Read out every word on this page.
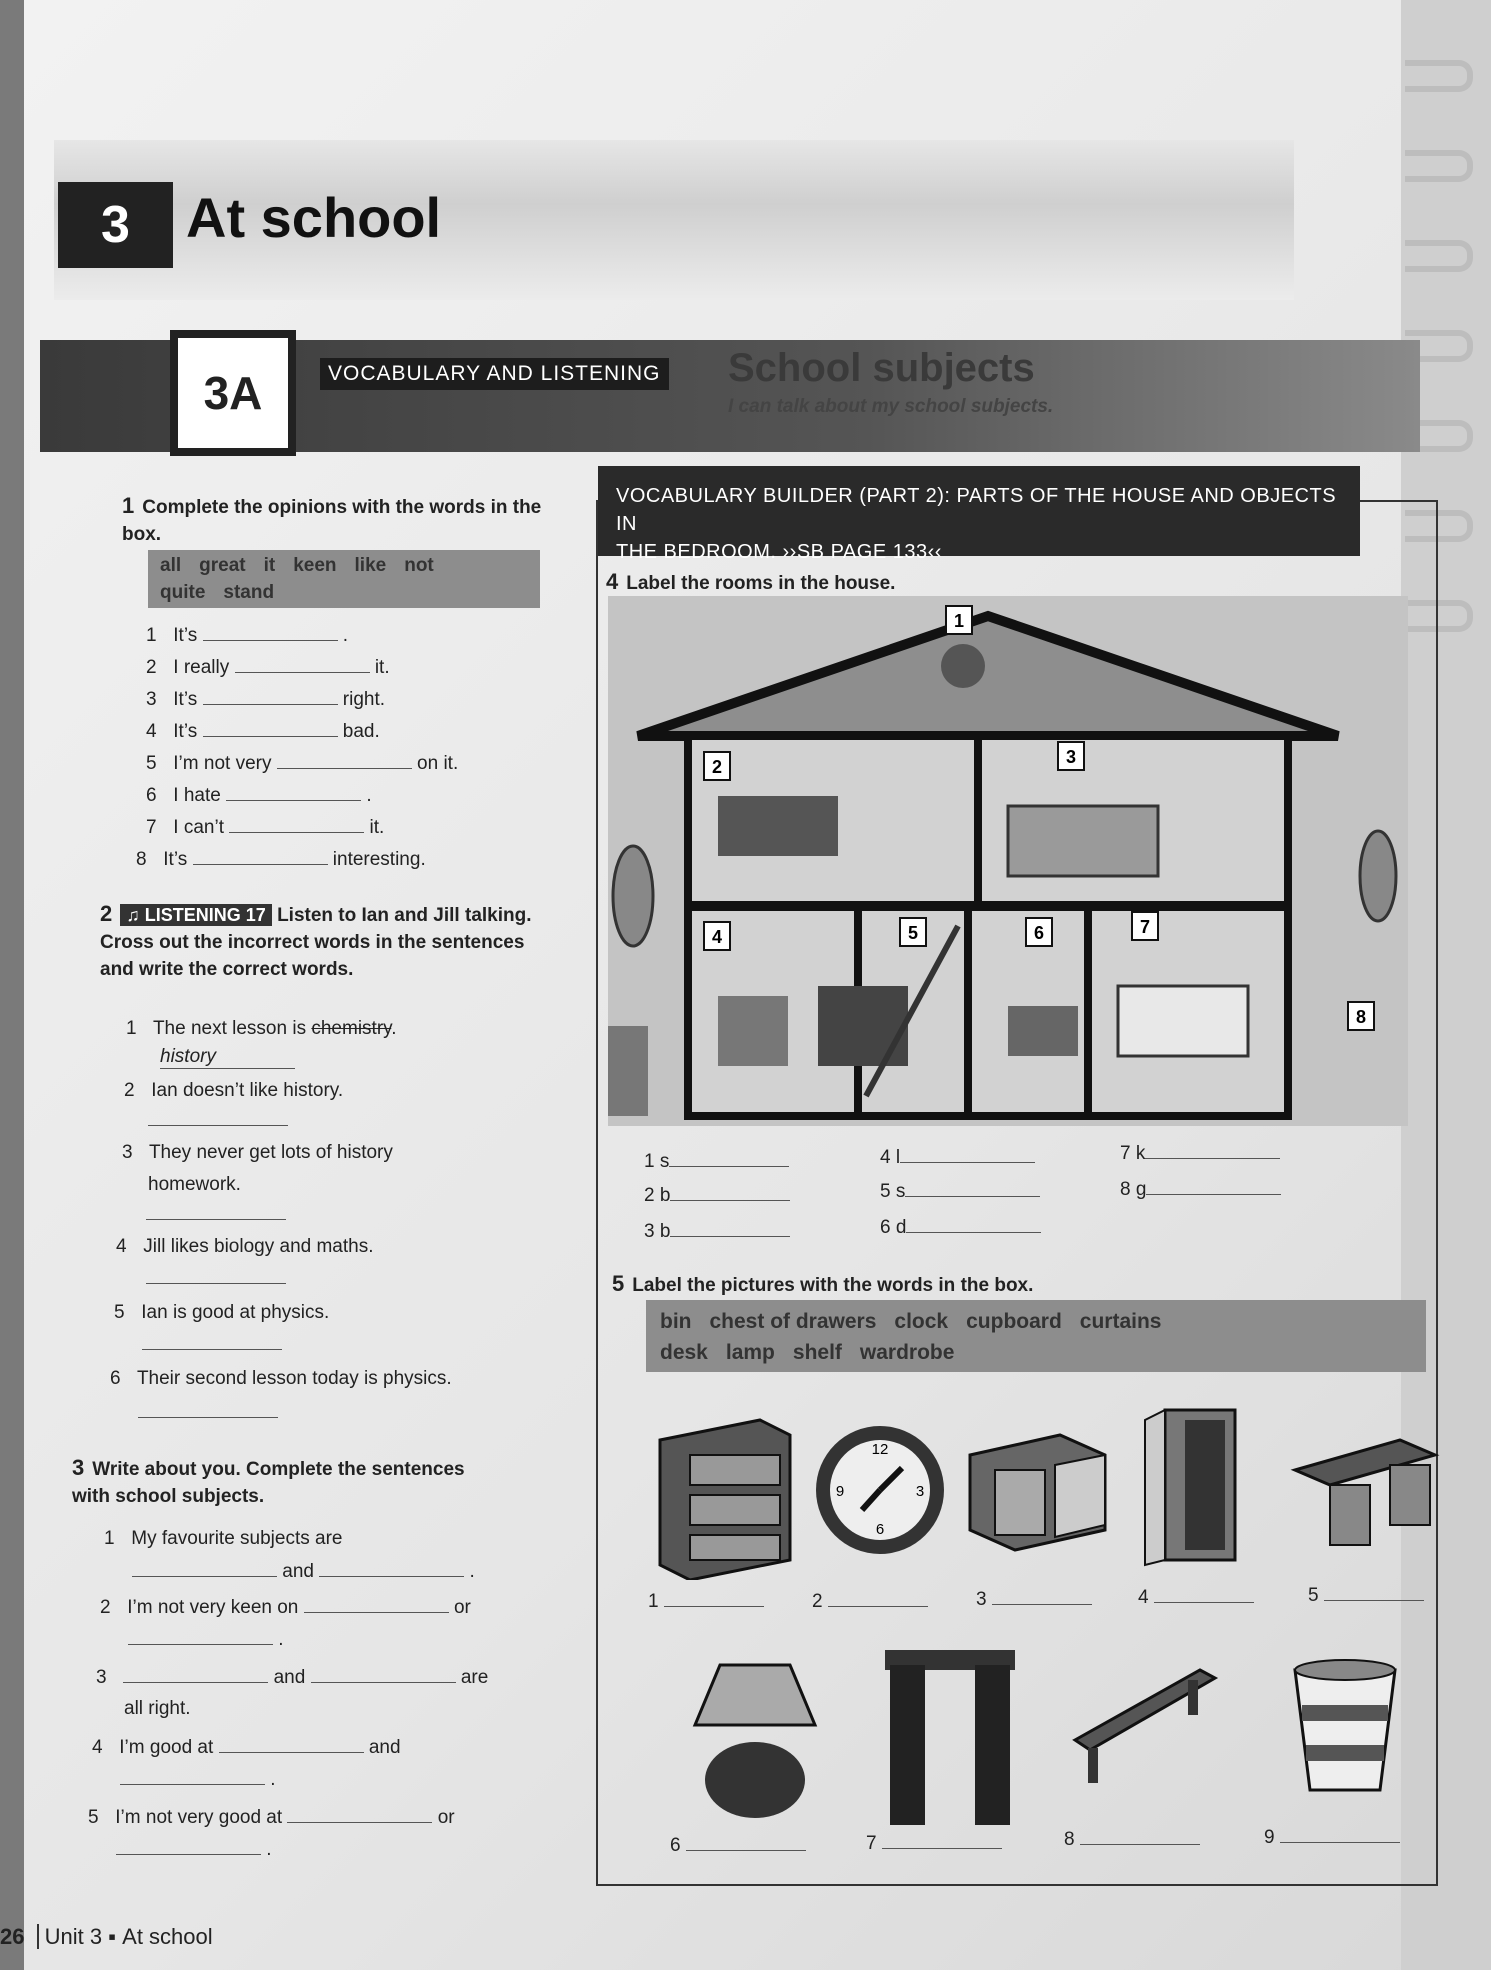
3	At school
3A	VOCABULARY AND LISTENING School subjects
I can talk about my school subjects.
1 Complete the opinions with the words in the box.
all great it keen like not
quite stand
1 It’s	.
2 I really	it.
3 It’s	right.
4 It’s	bad.
5 I’m not very	on it.
6 I hate	.
7 I can’t	it.
8 It’s	interesting.
2 ♫ LISTENING 17 Listen to Ian and Jill talking. Cross out the incorrect words in the sentences and write the correct words.
1 The next lesson is chemistry.
history
2 Ian doesn’t like history.
3 They never get lots of history
homework.
4 Jill likes biology and maths.
5 Ian is good at physics.
6 Their second lesson today is physics.
3 Write about you. Complete the sentences with school subjects.
1 My favourite subjects are
and	.
2 I’m not very keen on	or
.
3	and	are
all right.
4 I’m good at	and
.
5 I’m not very good at	or
.
VOCABULARY BUILDER (PART 2): PARTS OF THE HOUSE AND OBJECTS IN
THE BEDROOM. ››SB PAGE 133‹‹
4 Label the rooms in the house.
1
2	3
4	5	6	7
8
1 s	4 l	7 k
2 b	5 s	8 g
3 b	6 d
5 Label the pictures with the words in the box.
bin chest of drawers clock cupboard curtains
desk lamp shelf wardrobe
12
3
6
9
1	2	3	4	5
6	7	8	9
26 Unit 3 ▪ At school
